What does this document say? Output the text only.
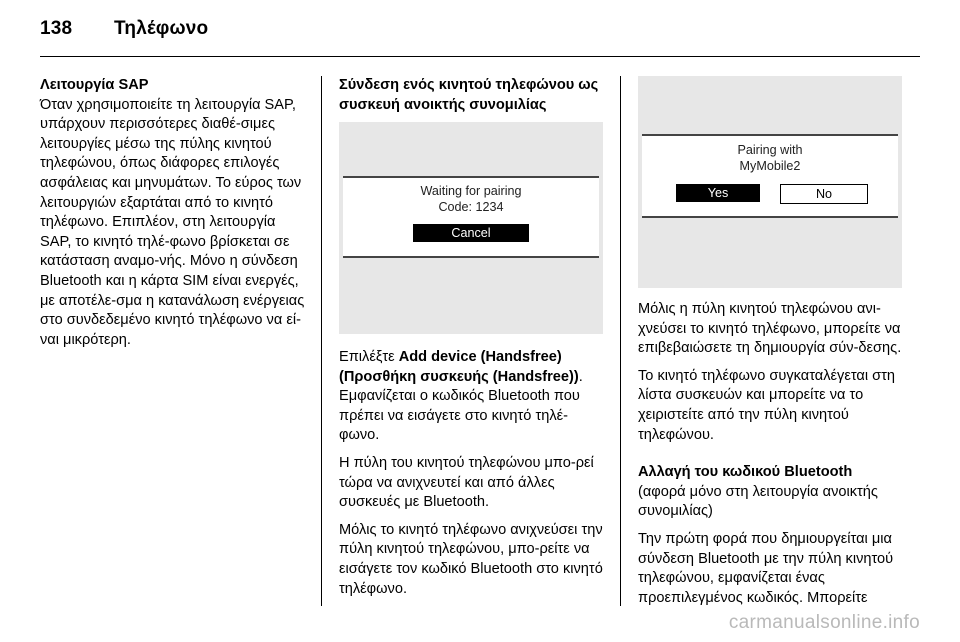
138 Τηλέφωνο
Λειτουργία SAP

Όταν χρησιμοποιείτε τη λειτουργία SAP, υπάρχουν περισσότερες διαθέ‐σιμες λειτουργίες μέσω της πύλης κινητού τηλεφώνου, όπως διάφορες επιλογές ασφάλειας και μηνυμάτων. Το εύρος των λειτουργιών εξαρτάται από το κινητό τηλέφωνο. Επιπλέον, στη λειτουργία SAP, το κινητό τηλέ‐φωνο βρίσκεται σε κατάσταση αναμο‐νής. Μόνο η σύνδεση Bluetooth και η κάρτα SIM είναι ενεργές, με αποτέλε‐σμα η κατανάλωση ενέργειας στο συνδεδεμένο κινητό τηλέφωνο να εί‐ναι μικρότερη.

Σύνδεση ενός κινητού τηλεφώνου ως συσκευή ανοικτής συνομιλίας
Waiting for pairing
Code: 1234
Cancel

Επιλέξτε Add device (Handsfree) (Προσθήκη συσκευής (Handsfree)).
Εμφανίζεται ο κωδικός Bluetooth που πρέπει να εισάγετε στο κινητό τηλέ‐φωνο.

Η πύλη του κινητού τηλεφώνου μπο‐ρεί τώρα να ανιχνευτεί και από άλλες συσκευές με Bluetooth.

Μόλις το κινητό τηλέφωνο ανιχνεύσει την πύλη κινητού τηλεφώνου, μπο‐ρείτε να εισάγετε τον κωδικό Bluetooth στο κινητό τηλέφωνο.

Pairing with
MyMobile2
Yes	No

Μόλις η πύλη κινητού τηλεφώνου ανι‐χνεύσει το κινητό τηλέφωνο, μπορείτε να επιβεβαιώσετε τη δημιουργία σύν‐δεσης.

Το κινητό τηλέφωνο συγκαταλέγεται στη λίστα συσκευών και μπορείτε να το χειριστείτε από την πύλη κινητού τηλεφώνου.

Αλλαγή του κωδικού Bluetooth

(αφορά μόνο στη λειτουργία ανοικτής συνομιλίας)

Την πρώτη φορά που δημιουργείται μια σύνδεση Bluetooth με την πύλη κινητού τηλεφώνου, εμφανίζεται ένας προεπιλεγμένος κωδικός. Μπορείτε

carmanualsonline.info
